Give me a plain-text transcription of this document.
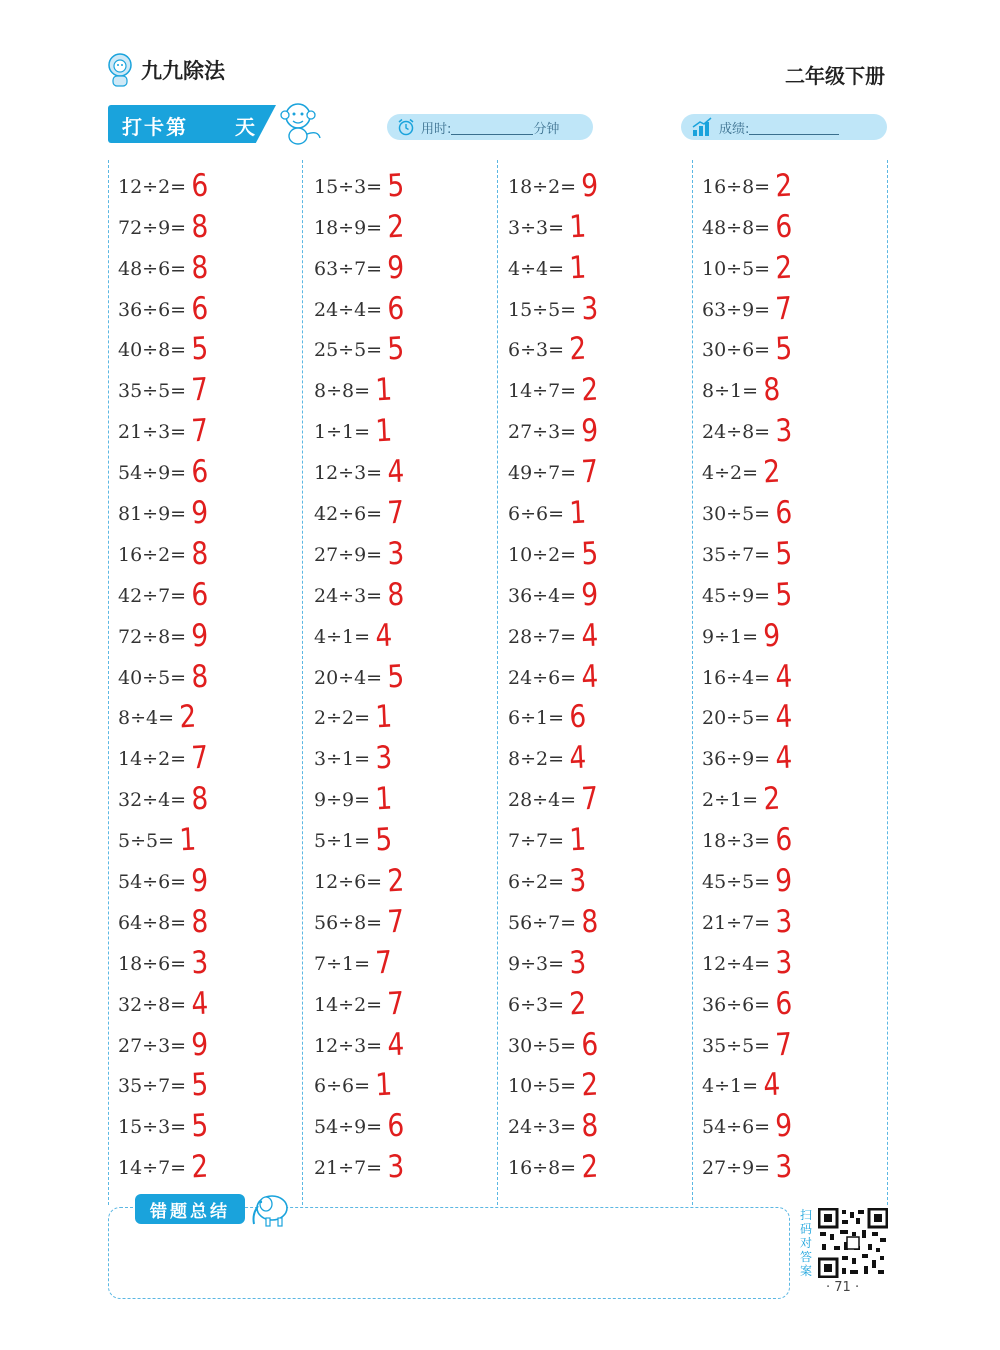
九九除法	二年级下册
打卡第 天	用时:	分钟	成绩:
12÷2= 6
72÷9= 8
48÷6= 8
36÷6= 6
40÷8= 5
35÷5= 7
21÷3= 7
54÷9= 6
81÷9= 9
16÷2= 8
42÷7= 6
72÷8= 9
40÷5= 8
8÷4= 2
14÷2= 7
32÷4= 8
5÷5= 1
54÷6= 9
64÷8= 8
18÷6= 3
32÷8= 4
27÷3= 9
35÷7= 5
15÷3= 5
14÷7= 2
15÷3= 5
18÷9= 2
63÷7= 9
24÷4= 6
25÷5= 5
8÷8= 1
1÷1= 1
12÷3= 4
42÷6= 7
27÷9= 3
24÷3= 8
4÷1= 4
20÷4= 5
2÷2= 1
3÷1= 3
9÷9= 1
5÷1= 5
12÷6= 2
56÷8= 7
7÷1= 7
14÷2= 7
12÷3= 4
6÷6= 1
54÷9= 6
21÷7= 3
18÷2= 9
3÷3= 1
4÷4= 1
15÷5= 3
6÷3= 2
14÷7= 2
27÷3= 9
49÷7= 7
6÷6= 1
10÷2= 5
36÷4= 9
28÷7= 4
24÷6= 4
6÷1= 6
8÷2= 4
28÷4= 7
7÷7= 1
6÷2= 3
56÷7= 8
9÷3= 3
6÷3= 2
30÷5= 6
10÷5= 2
24÷3= 8
16÷8= 2
16÷8= 2
48÷8= 6
10÷5= 2
63÷9= 7
30÷6= 5
8÷1= 8
24÷8= 3
4÷2= 2
30÷5= 6
35÷7= 5
45÷9= 5
9÷1= 9
16÷4= 4
20÷5= 4
36÷9= 4
2÷1= 2
18÷3= 6
45÷5= 9
21÷7= 3
12÷4= 3
36÷6= 6
35÷5= 7
4÷1= 4
54÷6= 9
27÷9= 3
错题总结	扫码对答案
· 71 ·
